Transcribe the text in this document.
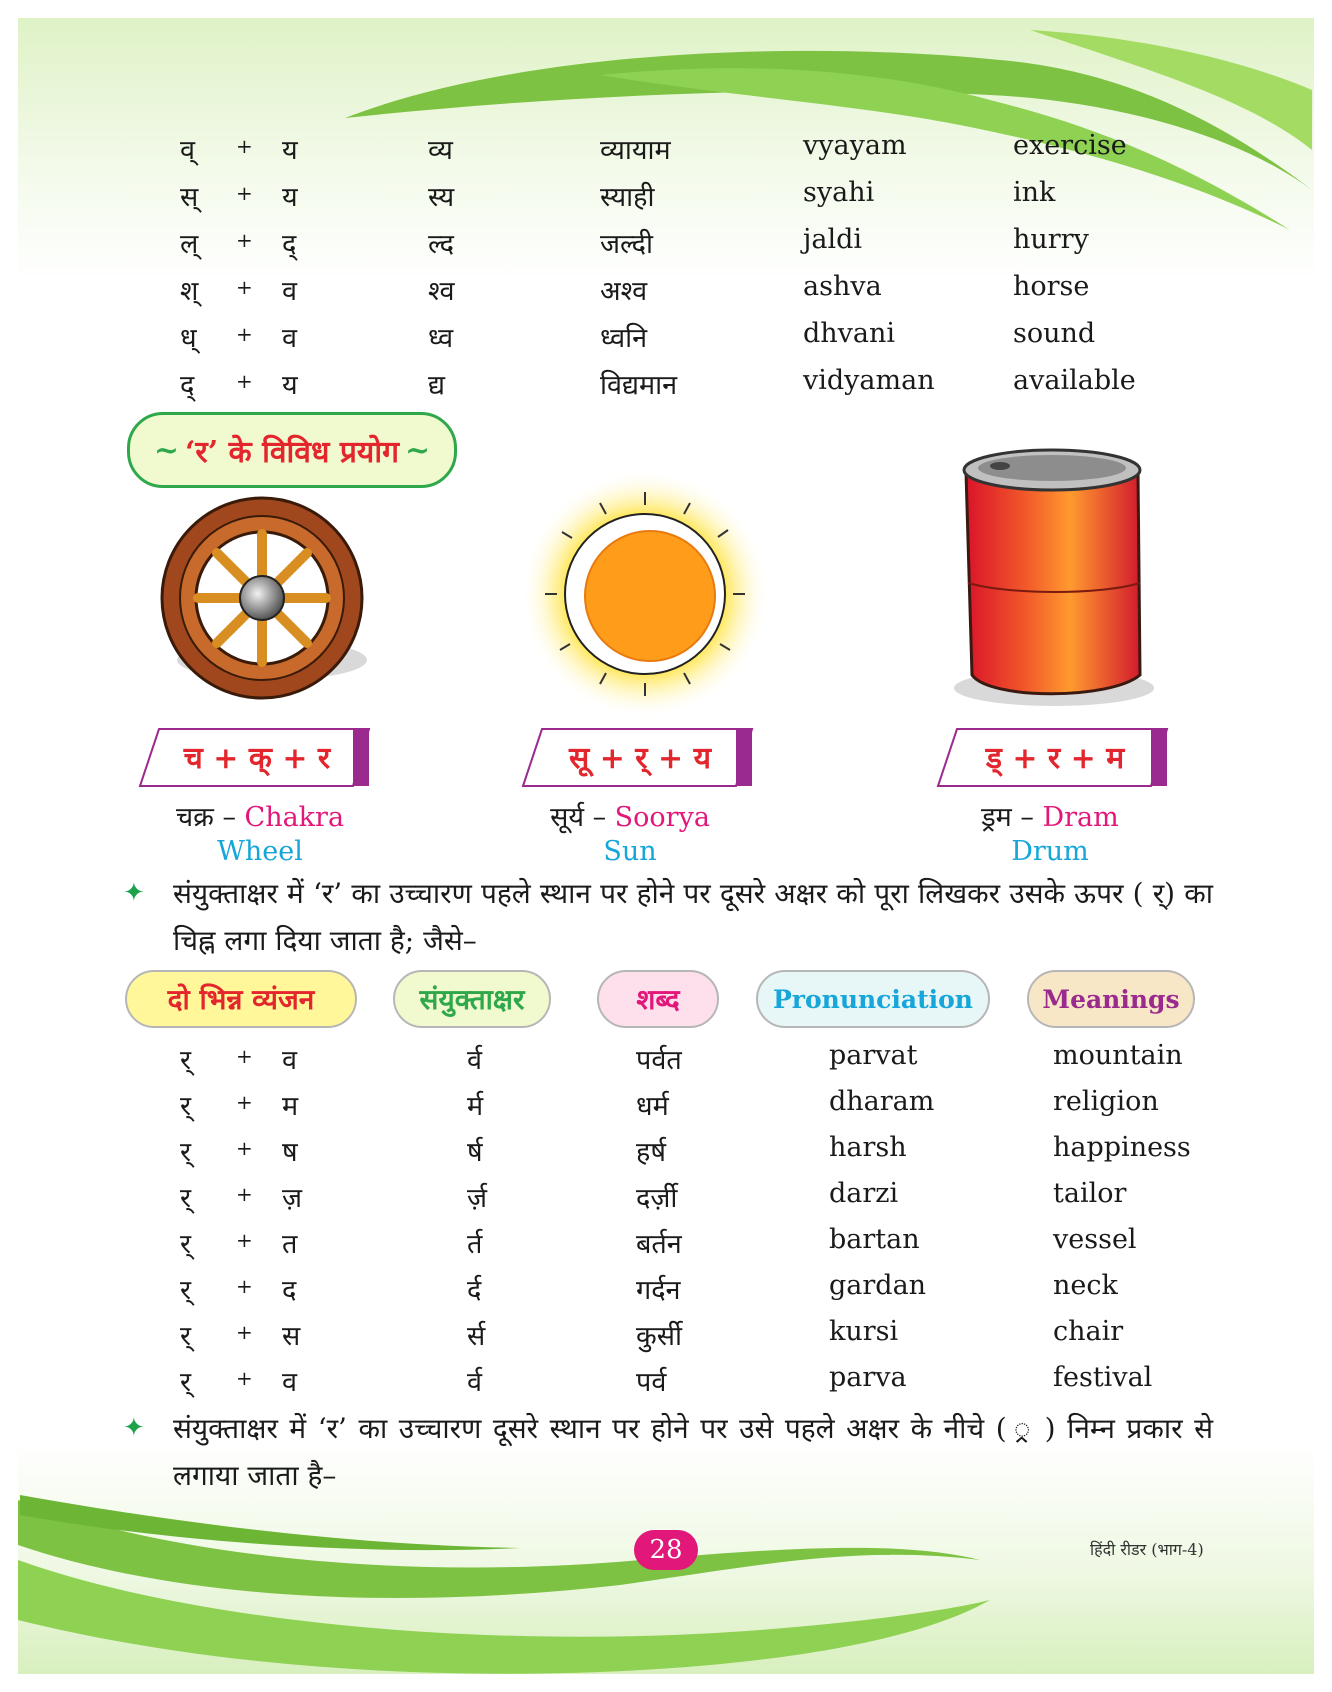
व् + य	व्य	व्यायाम	vyayam	exercise
स् + य	स्य	स्याही	syahi	ink
ल् + द्	ल्द	जल्दी	jaldi	hurry
श् + व	श्व	अश्व	ashva	horse
ध् + व	ध्व	ध्वनि	dhvani	sound
द् + य	द्य	विद्यमान	vidyaman	available
~ ‘र’ के विविध प्रयोग ~
च + क् + र	सू + र् + य	ड् + र + म
चक्र – Chakra
Wheel
सूर्य – Soorya
Sun
ड्रम – Dram
Drum
✦	संयुक्ताक्षर में ‘र’ का उच्चारण पहले स्थान पर होने पर दूसरे अक्षर को पूरा लिखकर उसके ऊपर ( र्) का चिह्न लगा दिया जाता है; जैसे–
दो भिन्न व्यंजन	संयुक्ताक्षर	शब्द	Pronunciation	Meanings
र् + व	र्व	पर्वत	parvat	mountain
र् + म	र्म	धर्म	dharam	religion
र् + ष	र्ष	हर्ष	harsh	happiness
र् + ज़	र्ज़	दर्ज़ी	darzi	tailor
र् + त	र्त	बर्तन	bartan	vessel
र् + द	र्द	गर्दन	gardan	neck
र् + स	र्स	कुर्सी	kursi	chair
र् + व	र्व	पर्व	parva	festival
✦	संयुक्ताक्षर में ‘र’ का उच्चारण दूसरे स्थान पर होने पर उसे पहले अक्षर के नीचे ( ्र ) निम्न प्रकार से लगाया जाता है–
28	हिंदी रीडर (भाग-4)
